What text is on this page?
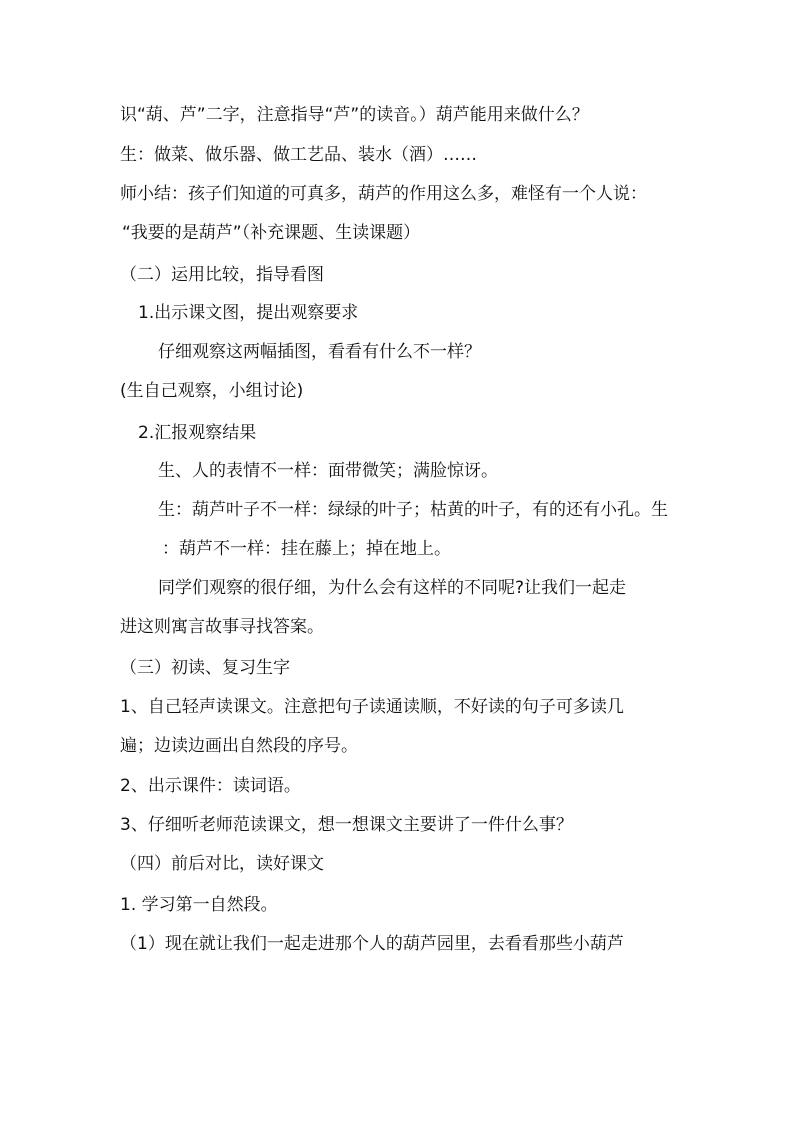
识“葫、芦”二字，注意指导“芦”的读音。）葫芦能用来做什么？
生：做菜、做乐器、做工艺品、装水（酒）……
师小结：孩子们知道的可真多，葫芦的作用这么多，难怪有一个人说：
“我要的是葫芦”（补充课题、生读课题）
（二）运用比较，指导看图
1.出示课文图，提出观察要求
仔细观察这两幅插图，看看有什么不一样？
(生自己观察，小组讨论)
2.汇报观察结果
生、人的表情不一样：面带微笑；满脸惊讶。
生：葫芦叶子不一样：绿绿的叶子；枯黄的叶子，有的还有小孔。生
：葫芦不一样：挂在藤上；掉在地上。
同学们观察的很仔细，为什么会有这样的不同呢?让我们一起走
进这则寓言故事寻找答案。
（三）初读、复习生字
1、自己轻声读课文。注意把句子读通读顺，不好读的句子可多读几
遍；边读边画出自然段的序号。
2、出示课件：读词语。
3、仔细听老师范读课文，想一想课文主要讲了一件什么事？
（四）前后对比，读好课文
1. 学习第一自然段。
（1）现在就让我们一起走进那个人的葫芦园里，去看看那些小葫芦
